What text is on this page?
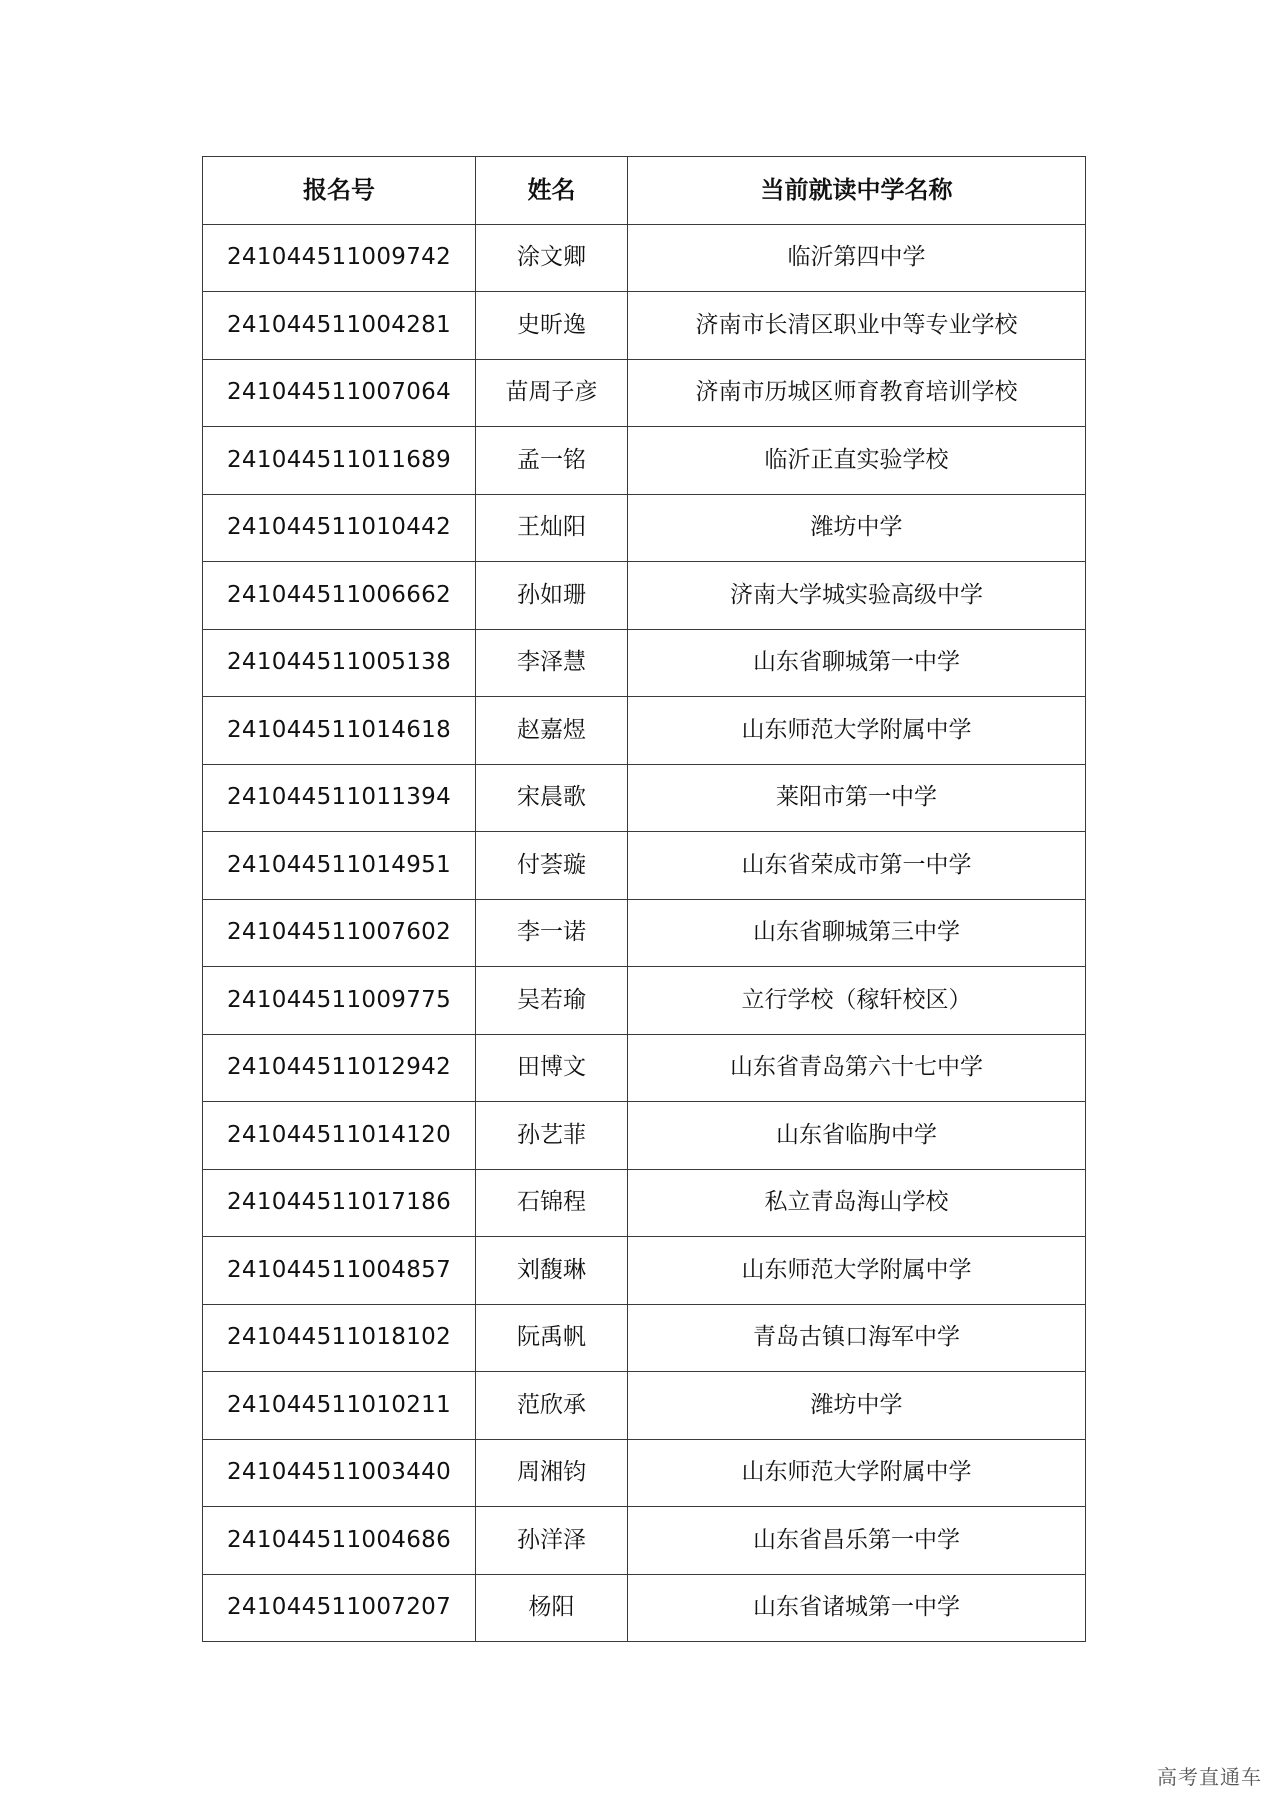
报名号	姓名	当前就读中学名称
241044511009742	涂文卿	临沂第四中学
241044511004281	史昕逸	济南市长清区职业中等专业学校
241044511007064	苗周子彦	济南市历城区师育教育培训学校
241044511011689	孟一铭	临沂正直实验学校
241044511010442	王灿阳	潍坊中学
241044511006662	孙如珊	济南大学城实验高级中学
241044511005138	李泽慧	山东省聊城第一中学
241044511014618	赵嘉煜	山东师范大学附属中学
241044511011394	宋晨歌	莱阳市第一中学
241044511014951	付荟璇	山东省荣成市第一中学
241044511007602	李一诺	山东省聊城第三中学
241044511009775	吴若瑜	立行学校（稼轩校区）
241044511012942	田博文	山东省青岛第六十七中学
241044511014120	孙艺菲	山东省临朐中学
241044511017186	石锦程	私立青岛海山学校
241044511004857	刘馥琳	山东师范大学附属中学
241044511018102	阮禹帆	青岛古镇口海军中学
241044511010211	范欣承	潍坊中学
241044511003440	周湘钧	山东师范大学附属中学
241044511004686	孙洋泽	山东省昌乐第一中学
241044511007207	杨阳	山东省诸城第一中学
高考直通车
